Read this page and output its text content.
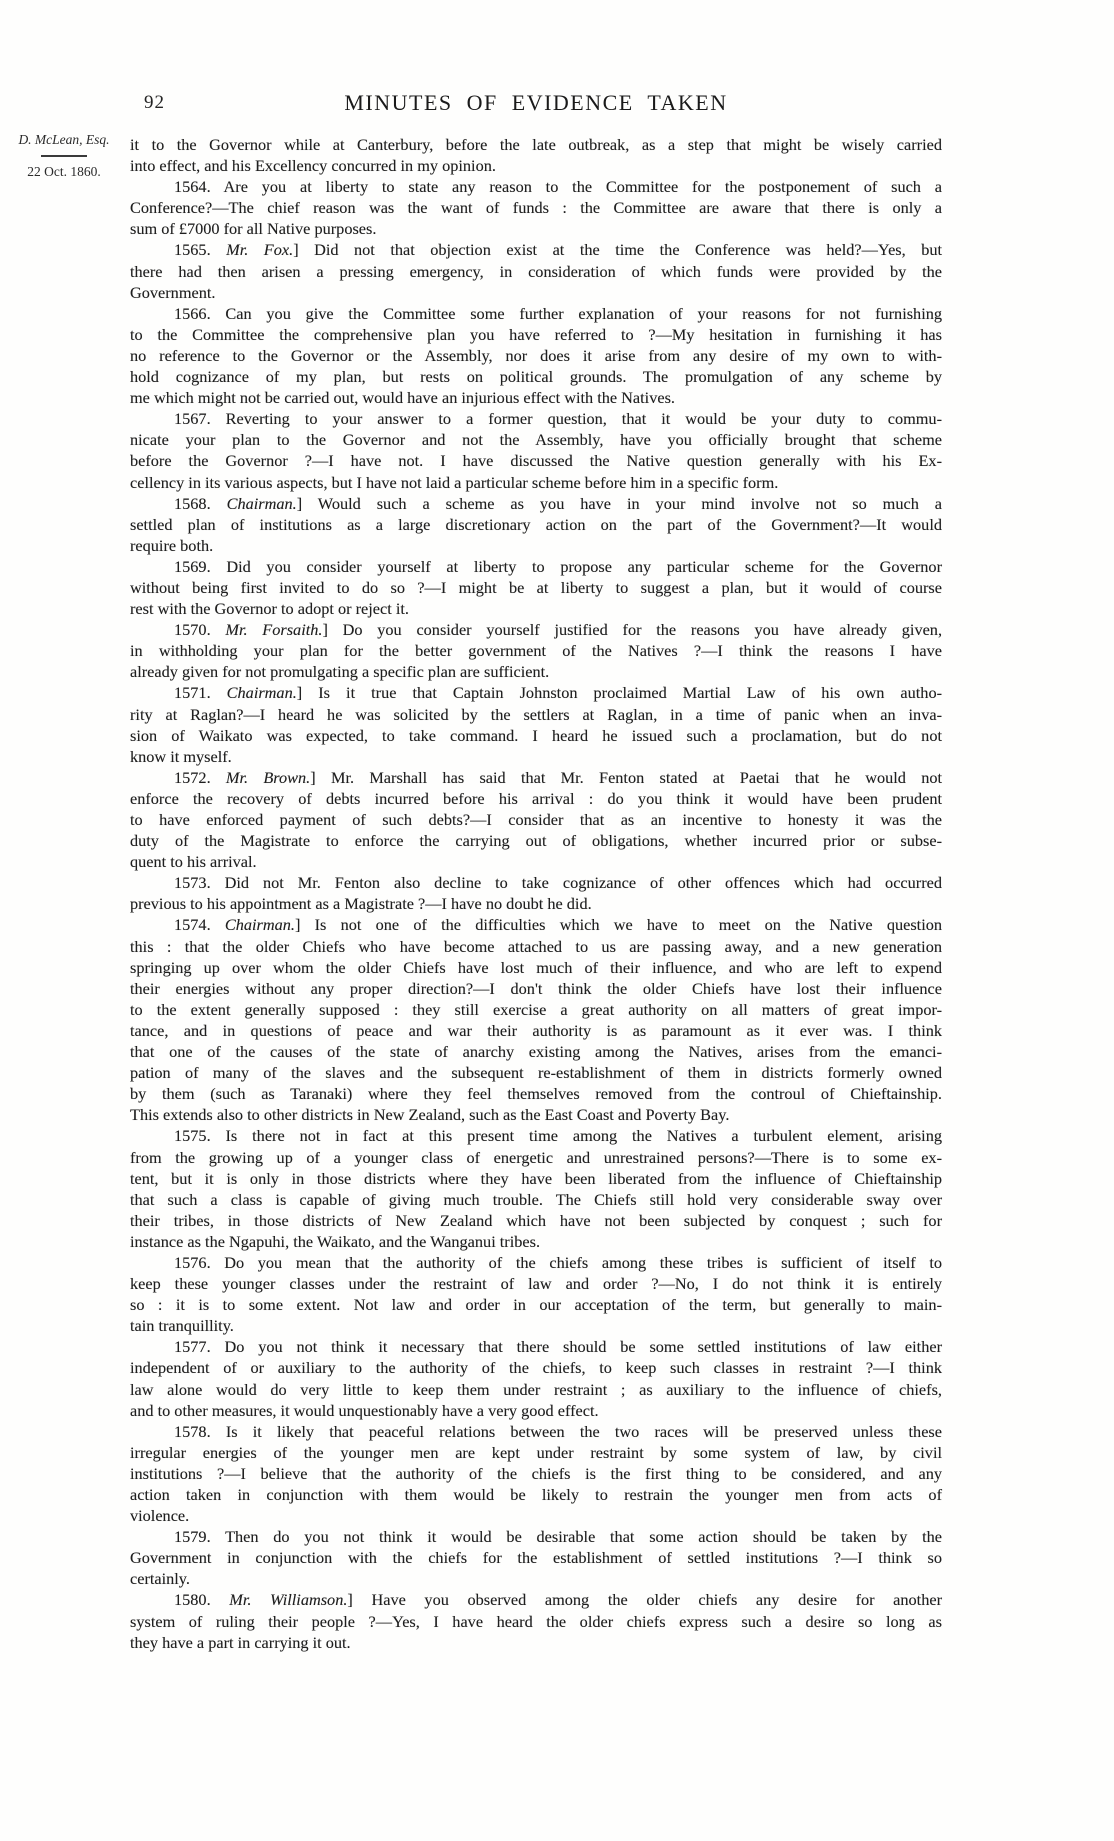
92	MINUTES OF EVIDENCE TAKEN
D. McLean, Esq.
22 Oct. 1860.
it to the Governor while at Canterbury, before the late outbreak, as a step that might be wisely carried
into effect, and his Excellency concurred in my opinion.
1564. Are you at liberty to state any reason to the Committee for the postponement of such a
Conference?—The chief reason was the want of funds : the Committee are aware that there is only a
sum of £7000 for all Native purposes.
1565. Mr. Fox.] Did not that objection exist at the time the Conference was held?—Yes, but
there had then arisen a pressing emergency, in consideration of which funds were provided by the
Government.
1566. Can you give the Committee some further explanation of your reasons for not furnishing
to the Committee the comprehensive plan you have referred to ?—My hesitation in furnishing it has
no reference to the Governor or the Assembly, nor does it arise from any desire of my own to with-
hold cognizance of my plan, but rests on political grounds. The promulgation of any scheme by
me which might not be carried out, would have an injurious effect with the Natives.
1567. Reverting to your answer to a former question, that it would be your duty to commu-
nicate your plan to the Governor and not the Assembly, have you officially brought that scheme
before the Governor ?—I have not. I have discussed the Native question generally with his Ex-
cellency in its various aspects, but I have not laid a particular scheme before him in a specific form.
1568. Chairman.] Would such a scheme as you have in your mind involve not so much a
settled plan of institutions as a large discretionary action on the part of the Government?—It would
require both.
1569. Did you consider yourself at liberty to propose any particular scheme for the Governor
without being first invited to do so ?—I might be at liberty to suggest a plan, but it would of course
rest with the Governor to adopt or reject it.
1570. Mr. Forsaith.] Do you consider yourself justified for the reasons you have already given,
in withholding your plan for the better government of the Natives ?—I think the reasons I have
already given for not promulgating a specific plan are sufficient.
1571. Chairman.] Is it true that Captain Johnston proclaimed Martial Law of his own autho-
rity at Raglan?—I heard he was solicited by the settlers at Raglan, in a time of panic when an inva-
sion of Waikato was expected, to take command. I heard he issued such a proclamation, but do not
know it myself.
1572. Mr. Brown.] Mr. Marshall has said that Mr. Fenton stated at Paetai that he would not
enforce the recovery of debts incurred before his arrival : do you think it would have been prudent
to have enforced payment of such debts?—I consider that as an incentive to honesty it was the
duty of the Magistrate to enforce the carrying out of obligations, whether incurred prior or subse-
quent to his arrival.
1573. Did not Mr. Fenton also decline to take cognizance of other offences which had occurred
previous to his appointment as a Magistrate ?—I have no doubt he did.
1574. Chairman.] Is not one of the difficulties which we have to meet on the Native question
this : that the older Chiefs who have become attached to us are passing away, and a new generation
springing up over whom the older Chiefs have lost much of their influence, and who are left to expend
their energies without any proper direction?—I don't think the older Chiefs have lost their influence
to the extent generally supposed : they still exercise a great authority on all matters of great impor-
tance, and in questions of peace and war their authority is as paramount as it ever was. I think
that one of the causes of the state of anarchy existing among the Natives, arises from the emanci-
pation of many of the slaves and the subsequent re-establishment of them in districts formerly owned
by them (such as Taranaki) where they feel themselves removed from the controul of Chieftainship.
This extends also to other districts in New Zealand, such as the East Coast and Poverty Bay.
1575. Is there not in fact at this present time among the Natives a turbulent element, arising
from the growing up of a younger class of energetic and unrestrained persons?—There is to some ex-
tent, but it is only in those districts where they have been liberated from the influence of Chieftainship
that such a class is capable of giving much trouble. The Chiefs still hold very considerable sway over
their tribes, in those districts of New Zealand which have not been subjected by conquest ; such for
instance as the Ngapuhi, the Waikato, and the Wanganui tribes.
1576. Do you mean that the authority of the chiefs among these tribes is sufficient of itself to
keep these younger classes under the restraint of law and order ?—No, I do not think it is entirely
so : it is to some extent. Not law and order in our acceptation of the term, but generally to main-
tain tranquillity.
1577. Do you not think it necessary that there should be some settled institutions of law either
independent of or auxiliary to the authority of the chiefs, to keep such classes in restraint ?—I think
law alone would do very little to keep them under restraint ; as auxiliary to the influence of chiefs,
and to other measures, it would unquestionably have a very good effect.
1578. Is it likely that peaceful relations between the two races will be preserved unless these
irregular energies of the younger men are kept under restraint by some system of law, by civil
institutions ?—I believe that the authority of the chiefs is the first thing to be considered, and any
action taken in conjunction with them would be likely to restrain the younger men from acts of
violence.
1579. Then do you not think it would be desirable that some action should be taken by the
Government in conjunction with the chiefs for the establishment of settled institutions ?—I think so
certainly.
1580. Mr. Williamson.] Have you observed among the older chiefs any desire for another
system of ruling their people ?—Yes, I have heard the older chiefs express such a desire so long as
they have a part in carrying it out.
